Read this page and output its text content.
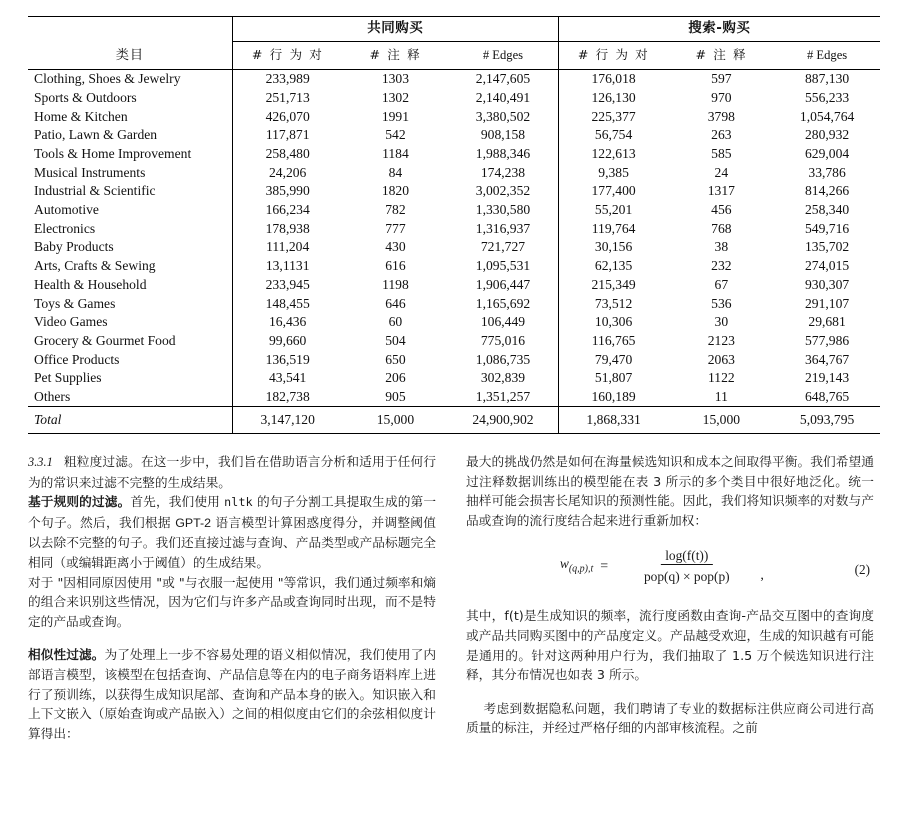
	共同购买			搜索-购买		
类目	# 行 为 对	# 注 释	# Edges	# 行 为 对	# 注 释	# Edges

Clothing, Shoes & Jewelry	233,989	1303	2,147,605	176,018	597	887,130
Sports & Outdoors	251,713	1302	2,140,491	126,130	970	556,233
Home & Kitchen	426,070	1991	3,380,502	225,377	3798	1,054,764
Patio, Lawn & Garden	117,871	542	908,158	56,754	263	280,932
Tools & Home Improvement	258,480	1184	1,988,346	122,613	585	629,004
Musical Instruments	24,206	84	174,238	9,385	24	33,786
Industrial & Scientific	385,990	1820	3,002,352	177,400	1317	814,266
Automotive	166,234	782	1,330,580	55,201	456	258,340
Electronics	178,938	777	1,316,937	119,764	768	549,716
Baby Products	111,204	430	721,727	30,156	38	135,702
Arts, Crafts & Sewing	13,1131	616	1,095,531	62,135	232	274,015
Health & Household	233,945	1198	1,906,447	215,349	67	930,307
Toys & Games	148,455	646	1,165,692	73,512	536	291,107
Video Games	16,436	60	106,449	10,306	30	29,681
Grocery & Gourmet Food	99,660	504	775,016	116,765	2123	577,986
Office Products	136,519	650	1,086,735	79,470	2063	364,767
Pet Supplies	43,541	206	302,839	51,807	1122	219,143
Others	182,738	905	1,351,257	160,189	11	648,765

Total	3,147,120	15,000	24,900,902	1,868,331	15,000	5,093,795

3.3.1 粗粒度过滤。在这一步中，我们旨在借助语言分析和适用于任何行为的常识来过滤不完整的生成结果。

基于规则的过滤。首先，我们使用 nltk 的句子分割工具提取生成的第一个句子。然后，我们根据 GPT-2 语言模型计算困惑度得分，并调整阈值以去除不完整的句子。我们还直接过滤与查询、产品类型或产品标题完全相同（或编辑距离小于阈值）的生成结果。

对于 "因相同原因使用 "或 "与衣服一起使用 "等常识，我们通过频率和熵的组合来识别这些情况，因为它们与许多产品或查询同时出现，而不是特定的产品或查询。

相似性过滤。为了处理上一步不容易处理的语义相似情况，我们使用了内部语言模型，该模型在包括查询、产品信息等在内的电子商务语料库上进行了预训练，以获得生成知识尾部、查询和产品本身的嵌入。知识嵌入和上下文嵌入（原始查询或产品嵌入）之间的相似度由它们的余弦相似度计算得出：

最大的挑战仍然是如何在海量候选知识和成本之间取得平衡。我们希望通过注释数据训练出的模型能在表 3 所示的多个类目中很好地泛化。统一抽样可能会损害长尾知识的预测性能。因此，我们将知识频率的对数与产品或查询的流行度结合起来进行重新加权：

$w_{(q,p),t} = \frac{\log(f(t))}{\text{pop(q) × pop(p)}}$ ,	(2)

其中，f(t)是生成知识的频率，流行度函数由查询-产品交互图中的查询度或产品共同购买图中的产品度定义。产品越受欢迎，生成的知识越有可能是通用的。针对这两种用户行为，我们抽取了 1.5 万个候选知识进行注释，其分布情况也如表 3 所示。

考虑到数据隐私问题，我们聘请了专业的数据标注供应商公司进行高质量的标注，并经过严格仔细的内部审核流程。之前
